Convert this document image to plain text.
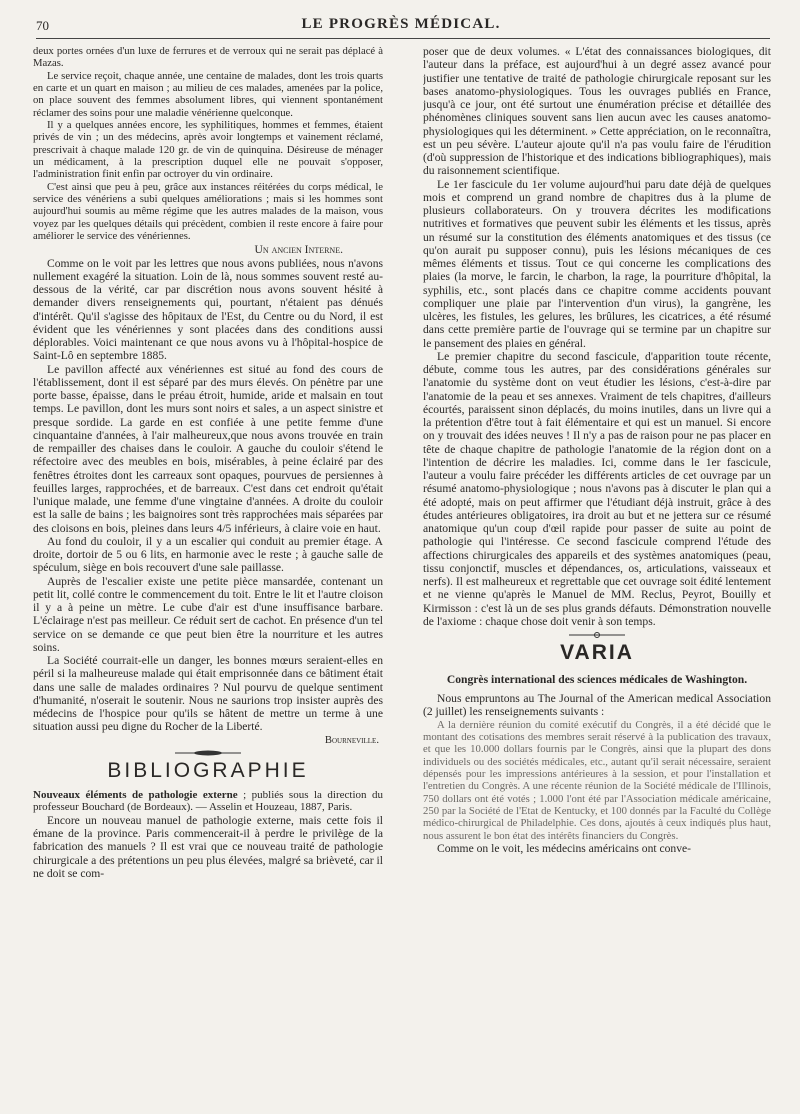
70	LE PROGRÈS MÉDICAL.

deux portes ornées d'un luxe de ferrures et de verroux qui ne serait pas déplacé à Mazas.

Le service reçoit, chaque année, une centaine de malades, dont les trois quarts en carte et un quart en maison ; au milieu de ces malades, amenées par la police, on place souvent des femmes absolument libres, qui viennent spontanément réclamer des soins pour une maladie vénérienne quelconque.

Il y a quelques années encore, les syphilitiques, hommes et femmes, étaient privés de vin ; un des médecins, après avoir longtemps et vainement réclamé, prescrivait à chaque malade 120 gr. de vin de quinquina. Désireuse de ménager un médicament, à la prescription duquel elle ne pouvait s'opposer, l'administration finit enfin par octroyer du vin ordinaire.

C'est ainsi que peu à peu, grâce aux instances réitérées du corps médical, le service des vénériens a subi quelques améliorations ; mais si les hommes sont aujourd'hui soumis au même régime que les autres malades de la maison, vous voyez par les quelques détails qui précèdent, combien il reste encore à faire pour améliorer le service des vénériennes.

Un ancien Interne.

Comme on le voit par les lettres que nous avons publiées, nous n'avons nullement exagéré la situation. Loin de là, nous sommes souvent resté au-dessous de la vérité, car par discrétion nous avons souvent hésité à demander divers renseignements qui, pourtant, n'étaient pas dénués d'intérêt. Qu'il s'agisse des hôpitaux de l'Est, du Centre ou du Nord, il est évident que les vénériennes y sont placées dans des conditions aussi déplorables. Voici maintenant ce que nous avons vu à l'hôpital-hospice de Saint-Lô en septembre 1885.

Le pavillon affecté aux vénériennes est situé au fond des cours de l'établissement, dont il est séparé par des murs élevés. On pénètre par une porte basse, épaisse, dans le préau étroit, humide, aride et malsain en tout temps. Le pavillon, dont les murs sont noirs et sales, a un aspect sinistre et presque sordide. La garde en est confiée à une petite femme d'une cinquantaine d'années, à l'air malheureux,que nous avons trouvée en train de rempailler des chaises dans le couloir. A gauche du couloir s'étend le réfectoire avec des meubles en bois, misérables, à peine éclairé par des fenêtres étroites dont les carreaux sont opaques, pourvues de persiennes à feuilles larges, rapprochées, et de barreaux. C'est dans cet endroit qu'était l'unique malade, une femme d'une vingtaine d'années. A droite du couloir est la salle de bains ; les baignoires sont très rapprochées mais séparées par des cloisons en bois, pleines dans leurs 4/5 inférieurs, à claire voie en haut.

Au fond du couloir, il y a un escalier qui conduit au premier étage. A droite, dortoir de 5 ou 6 lits, en harmonie avec le reste ; à gauche salle de spéculum, siège en bois recouvert d'une sale paillasse.

Auprès de l'escalier existe une petite pièce mansardée, contenant un petit lit, collé contre le commencement du toit. Entre le lit et l'autre cloison il y a à peine un mètre. Le cube d'air est d'une insuffisance barbare. L'éclairage n'est pas meilleur. Ce réduit sert de cachot. En présence d'un tel service on se demande ce que peut bien être la nourriture et les autres soins.

La Société courrait-elle un danger, les bonnes mœurs seraient-elles en péril si la malheureuse malade qui était emprisonnée dans ce bâtiment était dans une salle de malades ordinaires ? Nul pourvu de quelque sentiment d'humanité, n'oserait le soutenir. Nous ne saurions trop insister auprès des médecins de l'hospice pour qu'ils se hâtent de mettre un terme à une situation aussi peu digne du Rocher de la Liberté.

Bourneville.

BIBLIOGRAPHIE

Nouveaux éléments de pathologie externe ; publiés sous la direction du professeur Bouchard (de Bordeaux). — Asselin et Houzeau, 1887, Paris.

Encore un nouveau manuel de pathologie externe, mais cette fois il émane de la province. Paris commencerait-il à perdre le privilège de la fabrication des manuels ? Il est vrai que ce nouveau traité de pathologie chirurgicale a des prétentions un peu plus élevées, malgré sa brièveté, car il ne doit se com-

poser que de deux volumes. « L'état des connaissances biologiques, dit l'auteur dans la préface, est aujourd'hui à un degré assez avancé pour justifier une tentative de traité de pathologie chirurgicale reposant sur les bases anatomo-physiologiques. Tous les ouvrages publiés en France, jusqu'à ce jour, ont été surtout une énumération précise et détaillée des phénomènes cliniques souvent sans lien aucun avec les causes anatomo-physiologiques qui les déterminent. » Cette appréciation, on le reconnaîtra, est un peu sévère. L'auteur ajoute qu'il n'a pas voulu faire de l'érudition (d'où suppression de l'historique et des indications bibliographiques), mais du raisonnement scientifique.

Le 1er fascicule du 1er volume aujourd'hui paru date déjà de quelques mois et comprend un grand nombre de chapitres dus à la plume de plusieurs collaborateurs. On y trouvera décrites les modifications nutritives et formatives que peuvent subir les éléments et les tissus, après un résumé sur la constitution des éléments anatomiques et des tissus (ce qu'on aurait pu supposer connu), puis les lésions mécaniques de ces mêmes éléments et tissus. Tout ce qui concerne les complications des plaies (la morve, le farcin, le charbon, la rage, la pourriture d'hôpital, la syphilis, etc., sont placés dans ce chapitre comme accidents pouvant compliquer une plaie par l'intervention d'un virus), la gangrène, les ulcères, les fistules, les gelures, les brûlures, les cicatrices, a été résumé dans cette première partie de l'ouvrage qui se termine par un chapitre sur le pansement des plaies en général.

Le premier chapitre du second fascicule, d'apparition toute récente, débute, comme tous les autres, par des considérations générales sur l'anatomie du système dont on veut étudier les lésions, c'est-à-dire par l'anatomie de la peau et ses annexes. Vraiment de tels chapitres, d'ailleurs écourtés, paraissent sinon déplacés, du moins inutiles, dans un livre qui a la prétention d'être tout à fait élémentaire et qui est un manuel. Si encore on y trouvait des idées neuves ! Il n'y a pas de raison pour ne pas placer en tête de chaque chapitre de pathologie l'anatomie de la région dont on a l'intention de décrire les maladies. Ici, comme dans le 1er fascicule, l'auteur a voulu faire précéder les différents articles de cet ouvrage par un résumé anatomo-physiologique ; nous n'avons pas à discuter le plan qui a été adopté, mais on peut affirmer que l'étudiant déjà instruit, grâce à des études antérieures obligatoires, ira droit au but et ne jettera sur ce résumé anatomique qu'un coup d'œil rapide pour passer de suite au point de pathologie qui l'intéresse. Ce second fascicule comprend l'étude des affections chirurgicales des appareils et des systèmes anatomiques (peau, tissu conjonctif, muscles et dépendances, os, articulations, vaisseaux et nerfs). Il est malheureux et regrettable que cet ouvrage soit édité lentement et ne vienne qu'après le Manuel de MM. Reclus, Peyrot, Bouilly et Kirmisson : c'est là un de ses plus grands défauts. Démonstration nouvelle de l'axiome : chaque chose doit venir à son temps.

VARIA

Congrès international des sciences médicales de Washington.

Nous empruntons au The Journal of the American medical Association (2 juillet) les renseignements suivants :

A la dernière réunion du comité exécutif du Congrès, il a été décidé que le montant des cotisations des membres serait réservé à la publication des travaux, et que les 10.000 dollars fournis par le Congrès, ainsi que la plupart des dons individuels ou des sociétés médicales, etc., autant qu'il serait nécessaire, seraient dépensés pour les impressions antérieures à la session, et pour l'installation et l'entretien du Congrès. A une récente réunion de la Société médicale de l'Illinois, 750 dollars ont été votés ; 1.000 l'ont été par l'Association médicale américaine, 250 par la Société de l'Etat de Kentucky, et 100 donnés par la Faculté du Collège médico-chirurgical de Philadelphie. Ces dons, ajoutés à ceux indiqués plus haut, nous assurent le bon état des intérêts financiers du Congrès.

Comme on le voit, les médecins américains ont conve-
